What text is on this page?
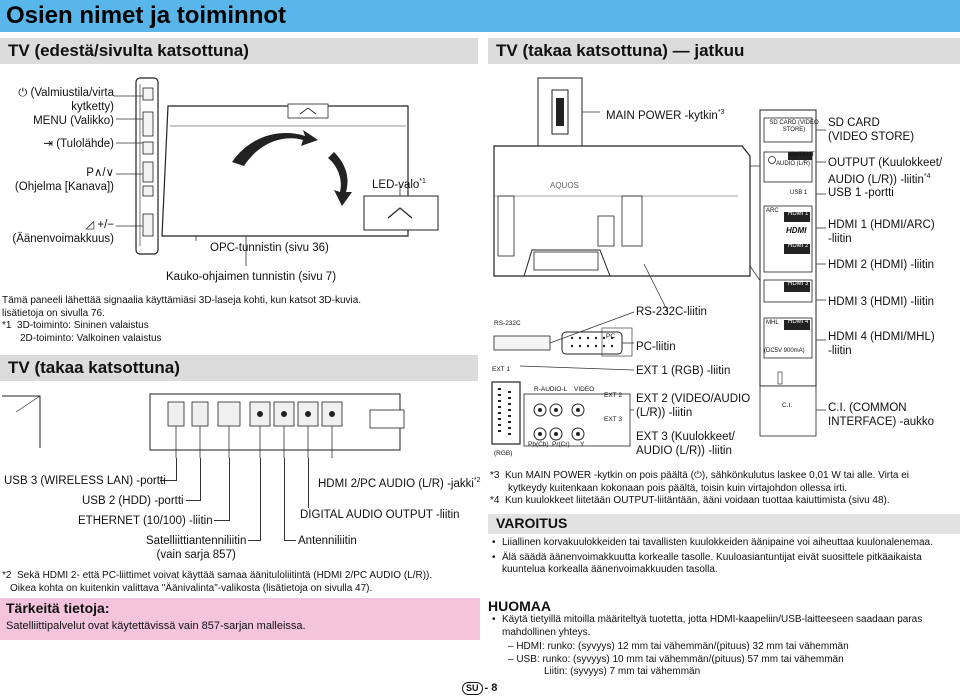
Osien nimet ja toiminnot
TV (edestä/sivulta katsottuna)	TV (takaa katsottuna) — jatkuu
TV (takaa katsottuna)
⏻ (Valmiustila/virta
kytketty)
MENU (Valikko)
⇥ (Tulolähde)
P∧/∨
(Ohjelma [Kanava])
◿ +/−
(Äänenvoimakkuus)
LED-valo$^{*1}$
OPC-tunnistin (sivu 36)
Kauko-ohjaimen tunnistin (sivu 7)
Tämä paneeli lähettää signaalia käyttämiäsi 3D-laseja kohti, kun katsot 3D-kuvia.
lisätietoja on sivulla 76.
*1 3D-toiminto: Sininen valaistus
2D-toiminto: Valkoinen valaistus
USB 3 (WIRELESS LAN) -portti
USB 2 (HDD) -portti
ETHERNET (10/100) -liitin
Satelliittiantenniliitin
(vain sarja 857)
Antenniliitin
DIGITAL AUDIO OUTPUT -liitin
HDMI 2/PC AUDIO (L/R) -jakki$^{*2}$
*2 Sekä HDMI 2- että PC-liittimet voivat käyttää samaa äänituloliitintä (HDMI 2/PC AUDIO (L/R)).
Oikea kohta on kuitenkin valittava "Äänivalinta"-valikosta (lisätietoja on sivulla 47).
Tärkeitä tietoja:
Satelliittipalvelut ovat käytettävissä vain 857-sarjan malleissa.
AQUOS
RS-232C
PC
EXT 1
(RGB)
R-AUDIO-L VIDEO
EXT 2
EXT 3
Pb(Cb) Pr(Cr) Y
SD CARD (VIDEO STORE)
OUTPUT
AUDIO (L/R)
USB 1
ARC HDMI 1
HDMI 2
HDMI 3
HDMI 4
MHL
(DC5V 900mA)
C.I.
HDMI
MAIN POWER -kytkin$^{*3}$
SD CARD
(VIDEO STORE)
OUTPUT (Kuulokkeet/
AUDIO (L/R)) -liitin$^{*4}$
USB 1 -portti
HDMI 1 (HDMI/ARC)
-liitin
HDMI 2 (HDMI) -liitin
HDMI 3 (HDMI) -liitin
HDMI 4 (HDMI/MHL)
-liitin
RS-232C-liitin
PC-liitin
EXT 1 (RGB) -liitin
EXT 2 (VIDEO/AUDIO
(L/R)) -liitin
EXT 3 (Kuulokkeet/
AUDIO (L/R)) -liitin
C.I. (COMMON
INTERFACE) -aukko
*3 Kun MAIN POWER -kytkin on pois päältä (⏻), sähkönkulutus laskee 0,01 W tai alle. Virta ei
kytkeydy kuitenkaan kokonaan pois päältä, toisin kuin virtajohdon ollessa irti.
*4 Kun kuulokkeet liitetään OUTPUT-liitäntään, ääni voidaan tuottaa kaiuttimista (sivu 48).
VAROITUS
• Liiallinen korvakuulokkeiden tai tavallisten kuulokkeiden äänipaine voi aiheuttaa kuulonalenemaa.
• Älä säädä äänenvoimakkuutta korkealle tasolle. Kuuloasiantuntijat eivät suosittele pitkäaikaista kuuntelua korkealla äänenvoimakkuuden tasolla.
HUOMAA
• Käytä tietyillä mitoilla määriteltyä tuotetta, jotta HDMI-kaapeliin/USB-laitteeseen saadaan paras mahdollinen yhteys.
– HDMI: runko: (syvyys) 12 mm tai vähemmän/(pituus) 32 mm tai vähemmän
– USB: runko: (syvyys) 10 mm tai vähemmän/(pituus) 57 mm tai vähemmän
Liitin: (syvyys) 7 mm tai vähemmän
SU - 8
